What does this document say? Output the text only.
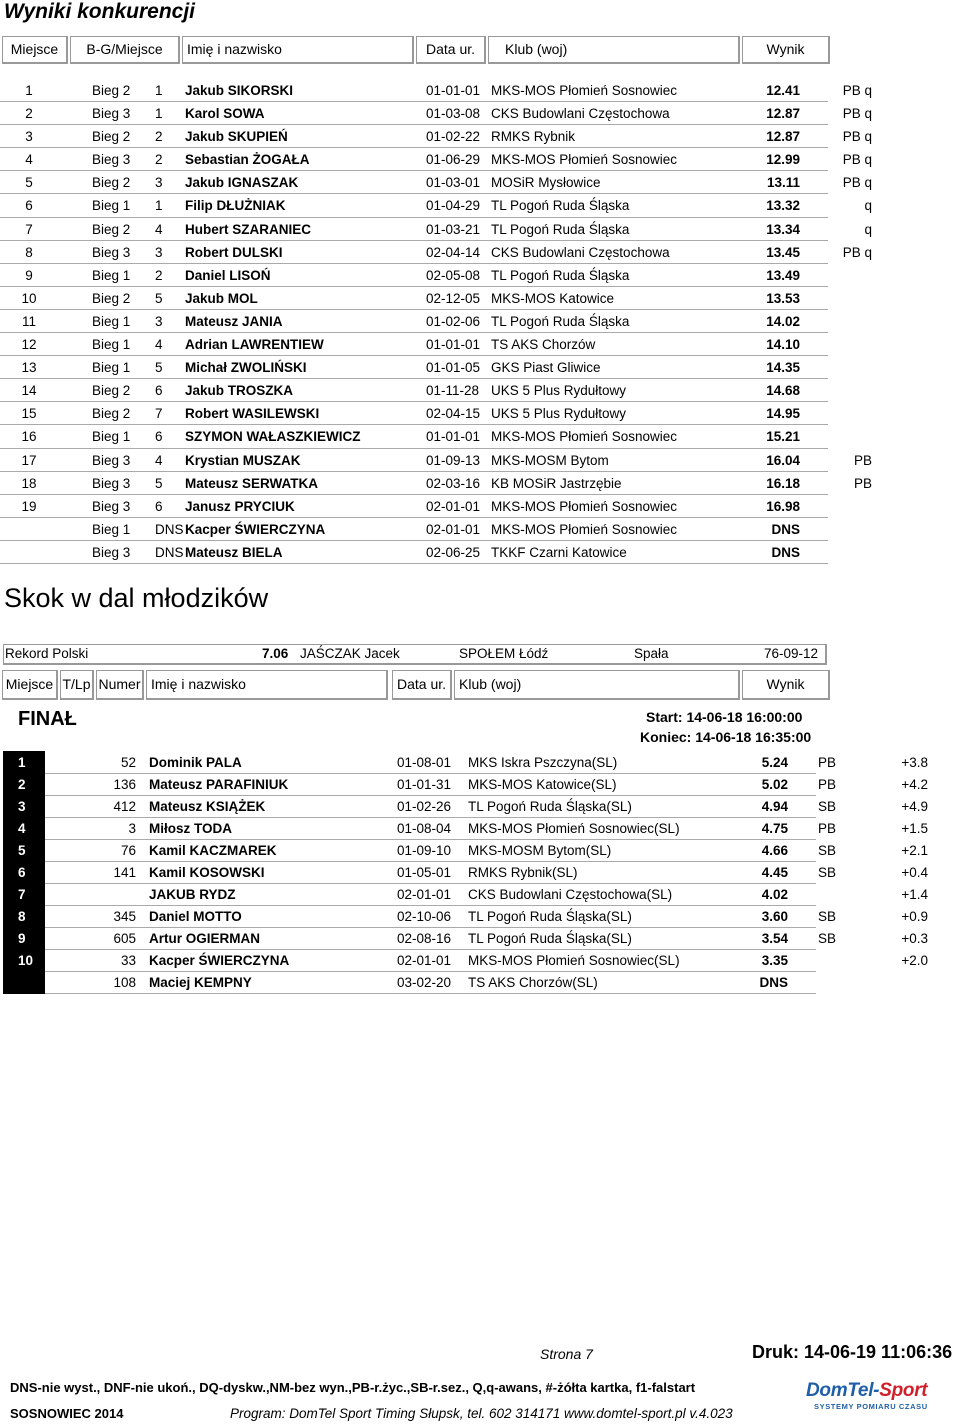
Wyniki konkurencji
Miejsce	B-G/Miejsce	Imię i nazwisko	Data ur.	Klub (woj)	Wynik
1	Bieg 2 1 Jakub SIKORSKI	01-01-01 MKS-MOS Płomień Sosnowiec	12.41	PB q
2	Bieg 3 1 Karol SOWA	01-03-08 CKS Budowlani Częstochowa	12.87	PB q
3	Bieg 2 2 Jakub SKUPIEŃ	01-02-22 RMKS Rybnik	12.87	PB q
4	Bieg 3 2 Sebastian ŻOGAŁA	01-06-29 MKS-MOS Płomień Sosnowiec	12.99	PB q
5	Bieg 2 3 Jakub IGNASZAK	01-03-01 MOSiR Mysłowice	13.11	PB q
6	Bieg 1 1 Filip DŁUŻNIAK	01-04-29 TL Pogoń Ruda Śląska	13.32	q
7	Bieg 2 4 Hubert SZARANIEC	01-03-21 TL Pogoń Ruda Śląska	13.34	q
8	Bieg 3 3 Robert DULSKI	02-04-14 CKS Budowlani Częstochowa	13.45	PB q
9	Bieg 1 2 Daniel LISOŃ	02-05-08 TL Pogoń Ruda Śląska	13.49
10	Bieg 2 5 Jakub MOL	02-12-05 MKS-MOS Katowice	13.53
11	Bieg 1 3 Mateusz JANIA	01-02-06 TL Pogoń Ruda Śląska	14.02
12	Bieg 1 4 Adrian LAWRENTIEW	01-01-01 TS AKS Chorzów	14.10
13	Bieg 1 5 Michał ZWOLIŃSKI	01-01-05 GKS Piast Gliwice	14.35
14	Bieg 2 6 Jakub TROSZKA	01-11-28 UKS 5 Plus Rydułtowy	14.68
15	Bieg 2 7 Robert WASILEWSKI	02-04-15 UKS 5 Plus Rydułtowy	14.95
16	Bieg 1 6 SZYMON WAŁASZKIEWICZ	01-01-01 MKS-MOS Płomień Sosnowiec	15.21
17	Bieg 3 4 Krystian MUSZAK	01-09-13 MKS-MOSM Bytom	16.04	PB
18	Bieg 3 5 Mateusz SERWATKA	02-03-16 KB MOSiR Jastrzębie	16.18	PB
19	Bieg 3 6 Janusz PRYCIUK	02-01-01 MKS-MOS Płomień Sosnowiec	16.98
Bieg 1 DNS Kacper ŚWIERCZYNA	02-01-01 MKS-MOS Płomień Sosnowiec	DNS
Bieg 3 DNS Mateusz BIELA	02-06-25 TKKF Czarni Katowice	DNS
Skok w dal młodzików
Rekord Polski	7.06 JAŚCZAK Jacek	SPOŁEM Łódź	Spała	76-09-12
Miejsce T/Lp Numer Imię i nazwisko	Data ur. Klub (woj)	Wynik
FINAŁ	Start: 14-06-18 16:00:00
Koniec: 14-06-18 16:35:00
1	52 Dominik PALA	01-08-01 MKS Iskra Pszczyna(SL)	5.24 PB	+3.8
2	136 Mateusz PARAFINIUK	01-01-31 MKS-MOS Katowice(SL)	5.02 PB	+4.2
3	412 Mateusz KSIĄŻEK	01-02-26 TL Pogoń Ruda Śląska(SL)	4.94 SB	+4.9
4	3 Miłosz TODA	01-08-04 MKS-MOS Płomień Sosnowiec(SL)	4.75 PB	+1.5
5	76 Kamil KACZMAREK	01-09-10 MKS-MOSM Bytom(SL)	4.66 SB	+2.1
6	141 Kamil KOSOWSKI	01-05-01 RMKS Rybnik(SL)	4.45 SB	+0.4
7	JAKUB RYDZ	02-01-01 CKS Budowlani Częstochowa(SL)	4.02	+1.4
8	345 Daniel MOTTO	02-10-06 TL Pogoń Ruda Śląska(SL)	3.60 SB	+0.9
9	605 Artur OGIERMAN	02-08-16 TL Pogoń Ruda Śląska(SL)	3.54 SB	+0.3
10	33 Kacper ŚWIERCZYNA	02-01-01 MKS-MOS Płomień Sosnowiec(SL)	3.35	+2.0
108 Maciej KEMPNY	03-02-20 TS AKS Chorzów(SL)	DNS
Strona 7	Druk: 14-06-19 11:06:36
DNS-nie wyst., DNF-nie ukoń., DQ-dyskw.,NM-bez wyn.,PB-r.życ.,SB-r.sez., Q,q-awans, #-żółta kartka, f1-falstart
SOSNOWIEC 2014	Program: DomTel Sport Timing Słupsk, tel. 602 314171 www.domtel-sport.pl v.4.023
DomTel-Sport
SYSTEMY POMIARU CZASU
